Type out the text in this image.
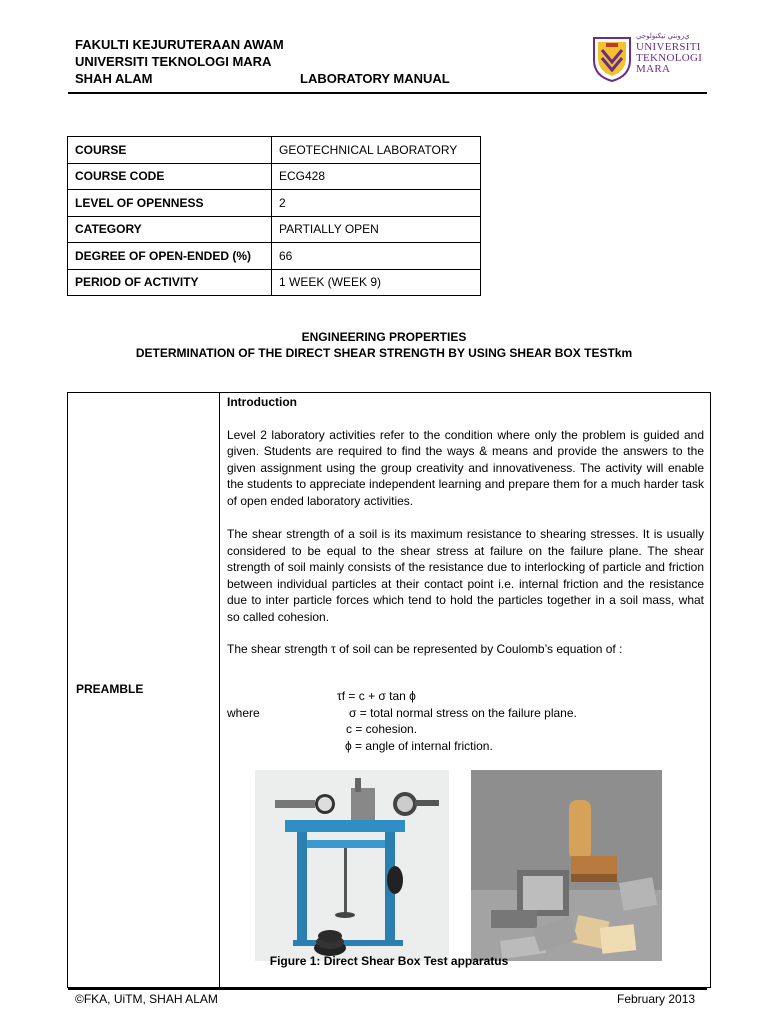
FAKULTI KEJURUTERAAN AWAM
UNIVERSITI TEKNOLOGI MARA
SHAH ALAM	LABORATORY MANUAL
ﻱﺭﻭﻧﺘﻲ ﺗﻴﻜﻨﻮﻟﻮﺟﻲ
UNIVERSITI
TEKNOLOGI
MARA
COURSE	GEOTECHNICAL LABORATORY
COURSE CODE	ECG428
LEVEL OF OPENNESS	2
CATEGORY	PARTIALLY OPEN
DEGREE OF OPEN-ENDED (%)	66
PERIOD OF ACTIVITY	1 WEEK (WEEK 9)
ENGINEERING PROPERTIES
DETERMINATION OF THE DIRECT SHEAR STRENGTH BY USING SHEAR BOX TESTkm
PREAMBLE
Introduction

Level 2 laboratory activities refer to the condition where only the problem is guided and given. Students are required to find the ways & means and provide the answers to the given assignment using the group creativity and innovativeness. The activity will enable the students to appreciate independent learning and prepare them for a much harder task of open ended laboratory activities.

The shear strength of a soil is its maximum resistance to shearing stresses. It is usually considered to be equal to the shear stress at failure on the failure plane. The shear strength of soil mainly consists of the resistance due to interlocking of particle and friction between individual particles at their contact point i.e. internal friction and the resistance due to inter particle forces which tend to hold the particles together in a soil mass, what so called cohesion.

The shear strength τ of soil can be represented by Coulomb’s equation of :

τf = c + σ tan ϕ
where	σ = total normal stress on the failure plane.
c = cohesion.
ϕ = angle of internal friction.
Figure 1: Direct Shear Box Test apparatus
©FKA, UiTM, SHAH ALAM	February 2013
